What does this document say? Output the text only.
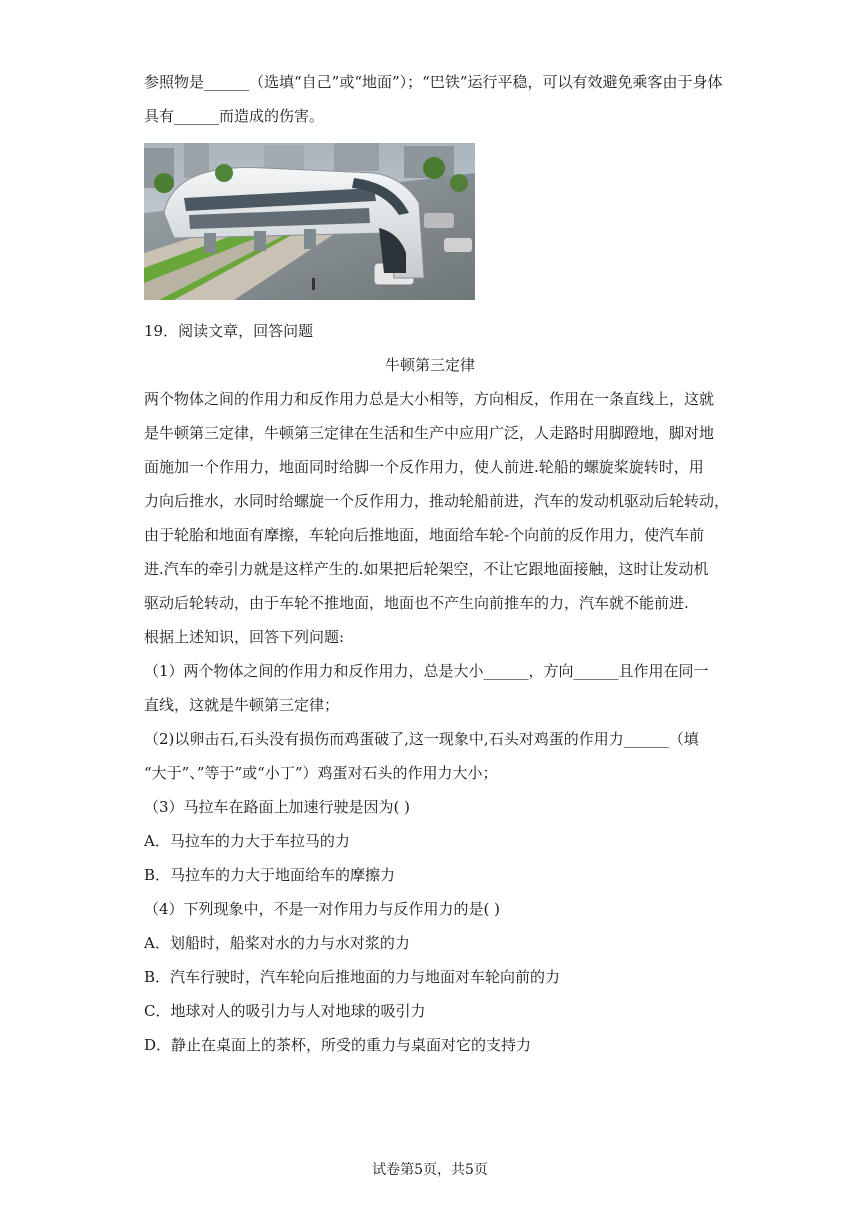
参照物是______（选填“自己”或“地面”）；“巴铁”运行平稳，可以有效避免乘客由于身体
具有______而造成的伤害。
19．阅读文章，回答问题
牛顿第三定律
两个物体之间的作用力和反作用力总是大小相等，方向相反，作用在一条直线上，这就
是牛顿第三定律，牛顿第三定律在生活和生产中应用广泛，人走路时用脚蹬地，脚对地
面施加一个作用力，地面同时给脚一个反作用力，使人前进.轮船的螺旋桨旋转时，用
力向后推水，水同时给螺旋一个反作用力，推动轮船前进，汽车的发动机驱动后轮转动，
由于轮胎和地面有摩擦，车轮向后推地面，地面给车轮-个向前的反作用力，使汽车前
进.汽车的牵引力就是这样产生的.如果把后轮架空，不让它跟地面接触，这时让发动机
驱动后轮转动，由于车轮不推地面，地面也不产生向前推车的力，汽车就不能前进.
根据上述知识，回答下列问题:
（1）两个物体之间的作用力和反作用力，总是大小______，方向______且作用在同一
直线，这就是牛顿第三定律；
（2)以卵击石,石头没有损伤而鸡蛋破了,这一现象中,石头对鸡蛋的作用力______（填
“大于”、”等于”或“小丁”）鸡蛋对石头的作用力大小；
（3）马拉车在路面上加速行驶是因为( )
A．马拉车的力大于车拉马的力
B．马拉车的力大于地面给车的摩擦力
（4）下列现象中，不是一对作用力与反作用力的是( )
A．划船时，船桨对水的力与水对浆的力
B．汽车行驶时，汽车轮向后推地面的力与地面对车轮向前的力
C．地球对人的吸引力与人对地球的吸引力
D．静止在桌面上的茶杯，所受的重力与桌面对它的支持力
试卷第5页，共5页
